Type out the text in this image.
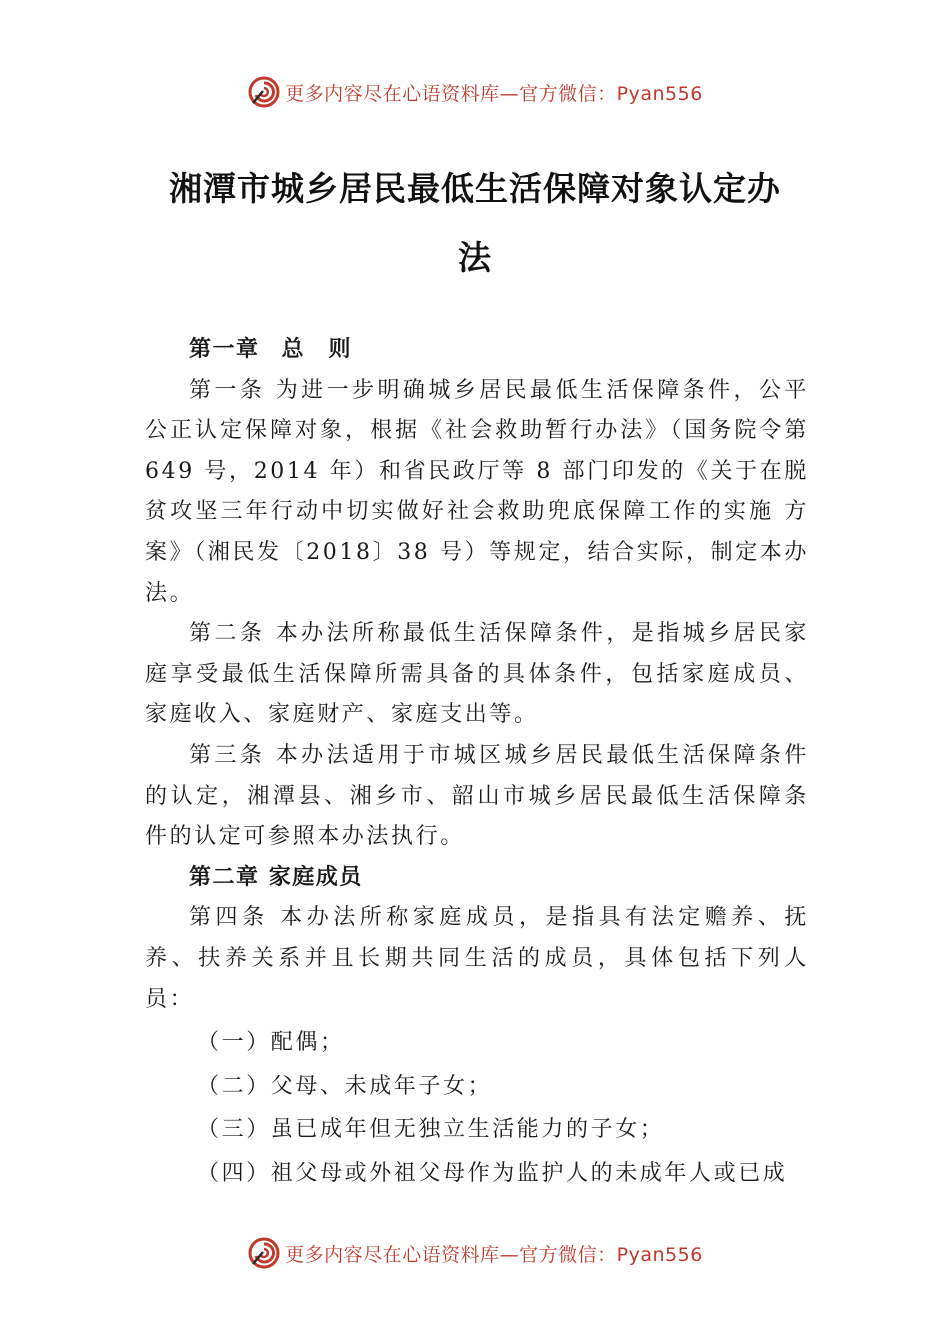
更多内容尽在心语资料库—官方微信：Pyan556
湘潭市城乡居民最低生活保障对象认定办
法

第一章 总　则

第一条 为进一步明确城乡居民最低生活保障条件，公平公正认定保障对象，根据《社会救助暂行办法》（国务院令第 649 号，2014 年）和省民政厅等 8 部门印发的《关于在脱贫攻坚三年行动中切实做好社会救助兜底保障工作的实施 方案》（湘民发〔2018〕38 号）等规定，结合实际，制定本办法。

第二条 本办法所称最低生活保障条件，是指城乡居民家庭享受最低生活保障所需具备的具体条件，包括家庭成员、家庭收入、家庭财产、家庭支出等。

第三条 本办法适用于市城区城乡居民最低生活保障条件的认定，湘潭县、湘乡市、韶山市城乡居民最低生活保障条件的认定可参照本办法执行。

第二章 家庭成员

第四条 本办法所称家庭成员，是指具有法定赡养、抚养、扶养关系并且长期共同生活的成员，具体包括下列人员：

（一）配偶；

（二）父母、未成年子女；

（三）虽已成年但无独立生活能力的子女；

（四）祖父母或外祖父母作为监护人的未成年人或已成

更多内容尽在心语资料库—官方微信：Pyan556
